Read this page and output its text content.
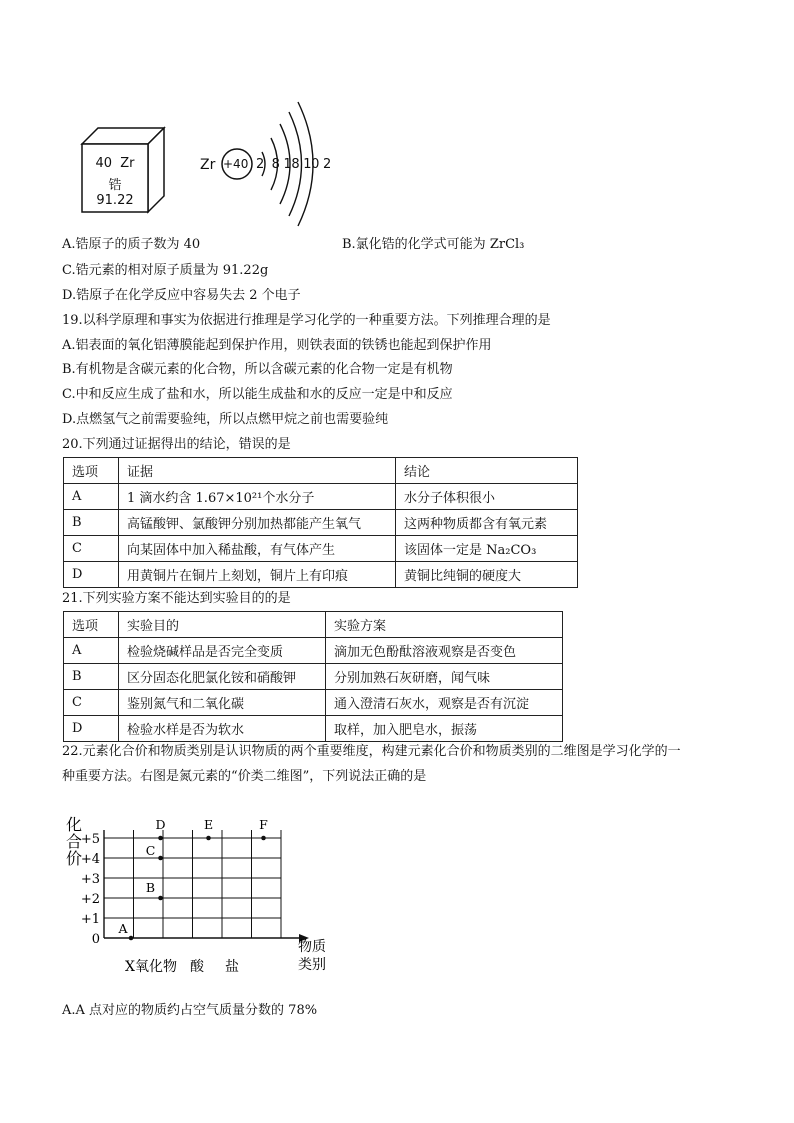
40  Zr
锆
91.22
Zr +40 2  8 18 10 2
A.锆原子的质子数为 40	B.氯化锆的化学式可能为 ZrCl₃
C.锆元素的相对原子质量为 91.22g
D.锆原子在化学反应中容易失去 2 个电子
19.以科学原理和事实为依据进行推理是学习化学的一种重要方法。下列推理合理的是
A.铝表面的氧化铝薄膜能起到保护作用，则铁表面的铁锈也能起到保护作用
B.有机物是含碳元素的化合物，所以含碳元素的化合物一定是有机物
C.中和反应生成了盐和水，所以能生成盐和水的反应一定是中和反应
D.点燃氢气之前需要验纯，所以点燃甲烷之前也需要验纯
20.下列通过证据得出的结论，错误的是
选项	证据	结论
A	1 滴水约含 1.67×10²¹个水分子	水分子体积很小
B	高锰酸钾、氯酸钾分别加热都能产生氧气	这两种物质都含有氧元素
C	向某固体中加入稀盐酸，有气体产生	该固体一定是 Na₂CO₃
D	用黄铜片在铜片上刻划，铜片上有印痕	黄铜比纯铜的硬度大
21.下列实验方案不能达到实验目的的是
选项	实验目的	实验方案
A	检验烧碱样品是否完全变质	滴加无色酚酞溶液观察是否变色
B	区分固态化肥氯化铵和硝酸钾	分别加熟石灰研磨，闻气味
C	鉴别氮气和二氧化碳	通入澄清石灰水，观察是否有沉淀
D	检验水样是否为软水	取样，加入肥皂水，振荡
22.元素化合价和物质类别是认识物质的两个重要维度，构建元素化合价和物质类别的二维图是学习化学的一
种重要方法。右图是氮元素的“价类二维图”，下列说法正确的是
+5
+4
+3
+2
+1
0
化
合
价
X 氧化物 酸 盐
物质
类别
A
B
C
D	E	F
A.A 点对应的物质约占空气质量分数的 78%
